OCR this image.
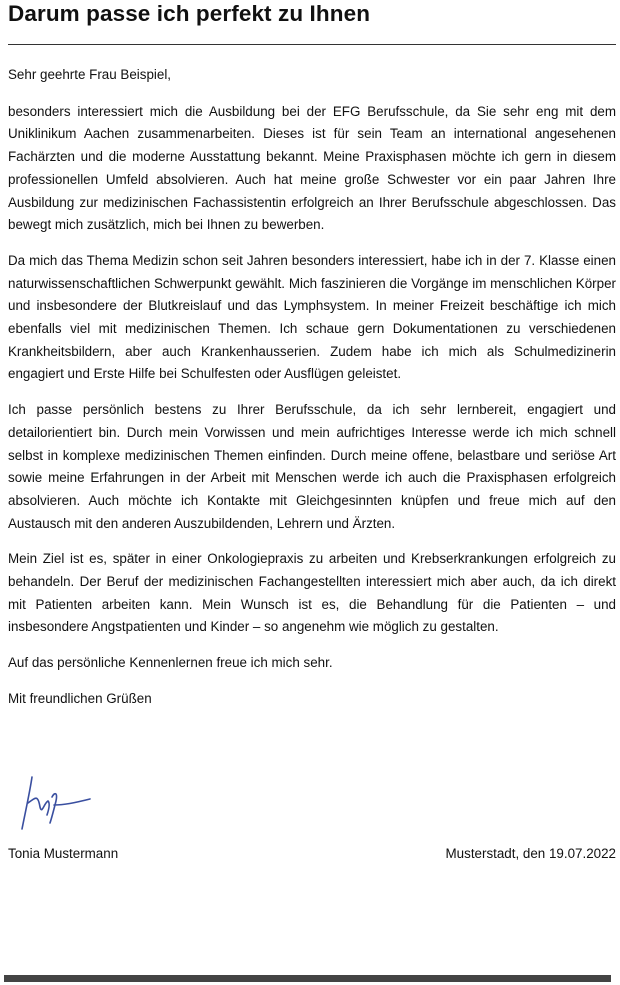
Darum passe ich perfekt zu Ihnen

Sehr geehrte Frau Beispiel,

besonders interessiert mich die Ausbildung bei der EFG Berufsschule, da Sie sehr eng mit dem Uniklinikum Aachen zusammenarbeiten. Dieses ist für sein Team an international angesehenen Fachärzten und die moderne Ausstattung bekannt. Meine Praxisphasen möchte ich gern in diesem professionellen Umfeld absolvieren. Auch hat meine große Schwester vor ein paar Jahren Ihre Ausbildung zur medizinischen Fachassistentin erfolgreich an Ihrer Berufsschule abgeschlossen. Das bewegt mich zusätzlich, mich bei Ihnen zu bewerben.

Da mich das Thema Medizin schon seit Jahren besonders interessiert, habe ich in der 7. Klasse einen naturwissenschaftlichen Schwerpunkt gewählt. Mich faszinieren die Vorgänge im menschlichen Körper und insbesondere der Blutkreislauf und das Lymphsystem. In meiner Freizeit beschäftige ich mich ebenfalls viel mit medizinischen Themen. Ich schaue gern Dokumentationen zu verschiedenen Krankheitsbildern, aber auch Krankenhausserien. Zudem habe ich mich als Schulmedizinerin engagiert und Erste Hilfe bei Schulfesten oder Ausflügen geleistet.

Ich passe persönlich bestens zu Ihrer Berufsschule, da ich sehr lernbereit, engagiert und detailorientiert bin. Durch mein Vorwissen und mein aufrichtiges Interesse werde ich mich schnell selbst in komplexe medizinischen Themen einfinden. Durch meine offene, belastbare und seriöse Art sowie meine Erfahrungen in der Arbeit mit Menschen werde ich auch die Praxisphasen erfolgreich absolvieren. Auch möchte ich Kontakte mit Gleichgesinnten knüpfen und freue mich auf den Austausch mit den anderen Auszubildenden, Lehrern und Ärzten.

Mein Ziel ist es, später in einer Onkologiepraxis zu arbeiten und Krebserkrankungen erfolgreich zu behandeln. Der Beruf der medizinischen Fachangestellten interessiert mich aber auch, da ich direkt mit Patienten arbeiten kann. Mein Wunsch ist es, die Behandlung für die Patienten – und insbesondere Angstpatienten und Kinder – so angenehm wie möglich zu gestalten.

Auf das persönliche Kennenlernen freue ich mich sehr.

Mit freundlichen Grüßen

Tonia Mustermann	Musterstadt, den 19.07.2022
